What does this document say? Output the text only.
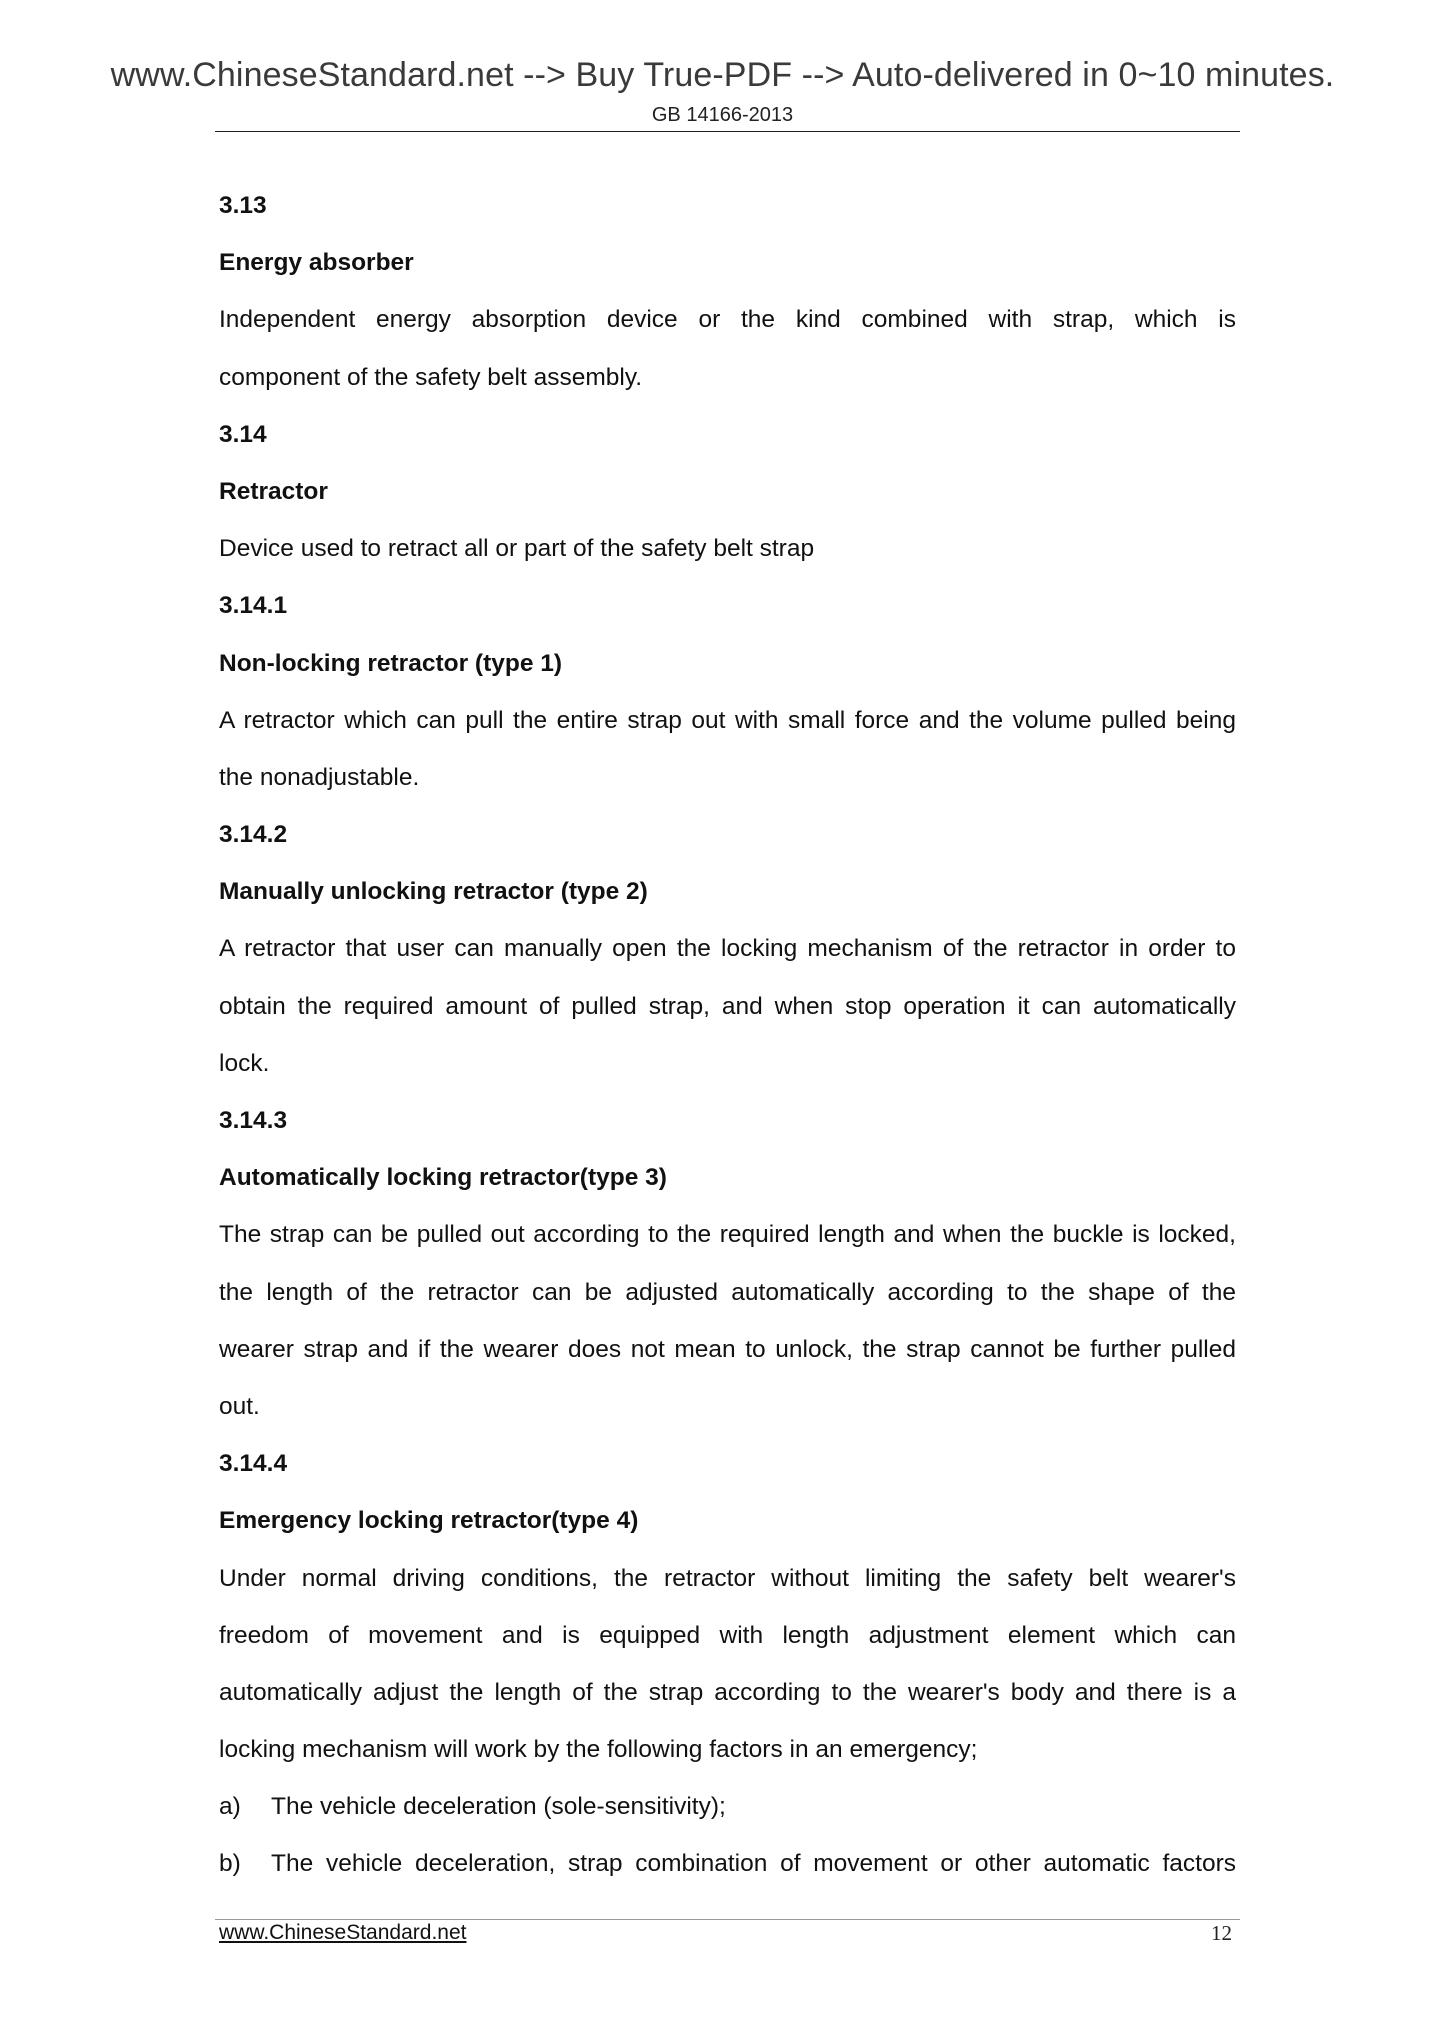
www.ChineseStandard.net --> Buy True-PDF --> Auto-delivered in 0~10 minutes.
GB 14166-2013
3.13
Energy absorber
Independent energy absorption device or the kind combined with strap, which is
component of the safety belt assembly.
3.14
Retractor
Device used to retract all or part of the safety belt strap
3.14.1
Non-locking retractor (type 1)
A retractor which can pull the entire strap out with small force and the volume pulled being
the nonadjustable.
3.14.2
Manually unlocking retractor (type 2)
A retractor that user can manually open the locking mechanism of the retractor in order to
obtain the required amount of pulled strap, and when stop operation it can automatically
lock.
3.14.3
Automatically locking retractor(type 3)
The strap can be pulled out according to the required length and when the buckle is locked,
the length of the retractor can be adjusted automatically according to the shape of the
wearer strap and if the wearer does not mean to unlock, the strap cannot be further pulled
out.
3.14.4
Emergency locking retractor(type 4)
Under normal driving conditions, the retractor without limiting the safety belt wearer's
freedom of movement and is equipped with length adjustment element which can
automatically adjust the length of the strap according to the wearer's body and there is a
locking mechanism will work by the following factors in an emergency;
a)	The vehicle deceleration (sole-sensitivity);
b)	The vehicle deceleration, strap combination of movement or other automatic factors
www.ChineseStandard.net	12
